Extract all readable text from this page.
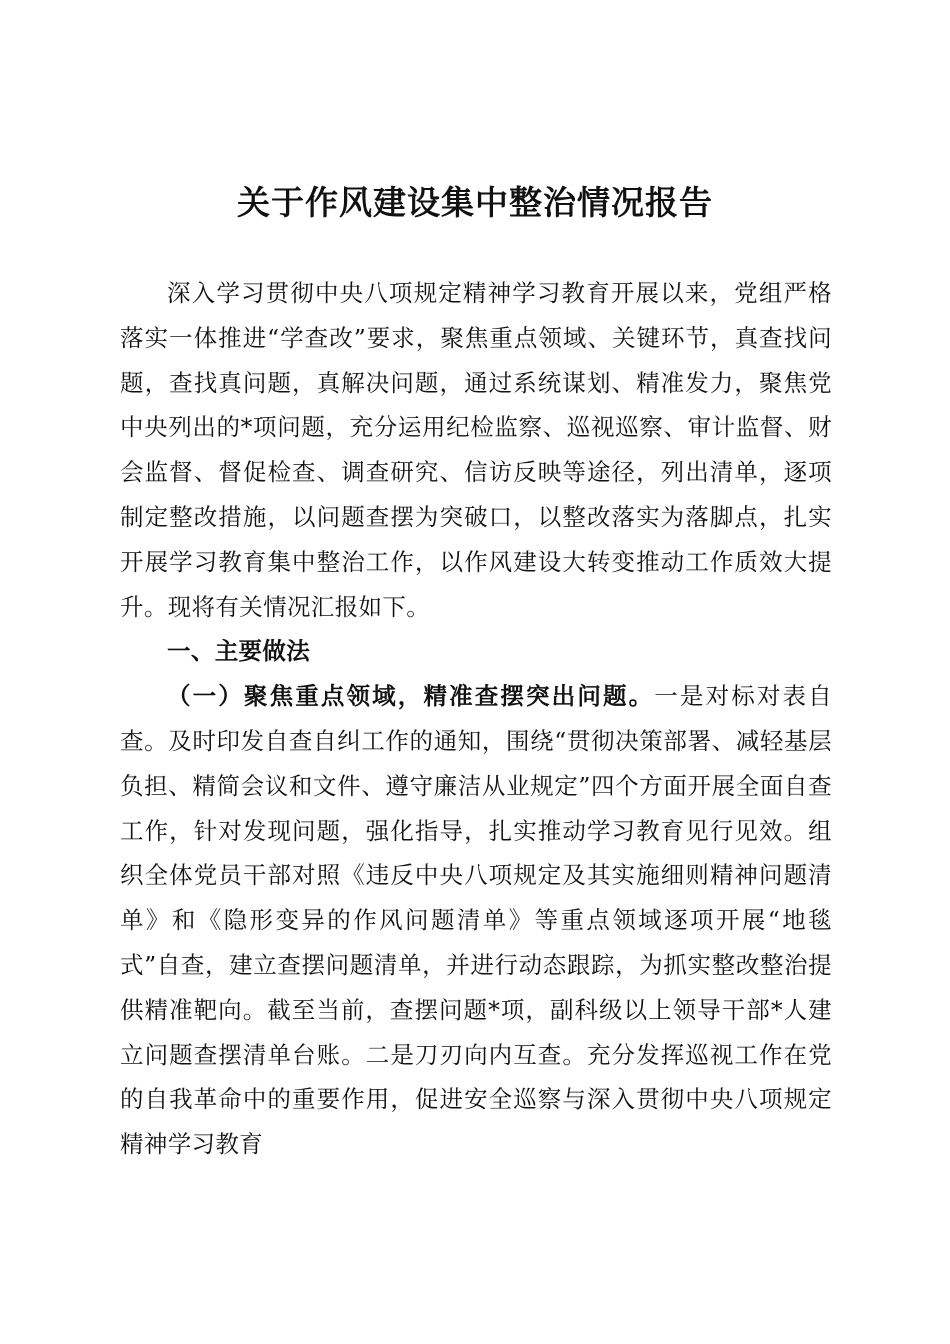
关于作风建设集中整治情况报告

深入学习贯彻中央八项规定精神学习教育开展以来，党组严格落实一体推进“学查改”要求，聚焦重点领域、关键环节，真查找问题，查找真问题，真解决问题，通过系统谋划、精准发力，聚焦党中央列出的*项问题，充分运用纪检监察、巡视巡察、审计监督、财会监督、督促检查、调查研究、信访反映等途径，列出清单，逐项制定整改措施，以问题查摆为突破口，以整改落实为落脚点，扎实开展学习教育集中整治工作，以作风建设大转变推动工作质效大提升。现将有关情况汇报如下。

一、主要做法

（一）聚焦重点领域，精准查摆突出问题。一是对标对表自查。及时印发自查自纠工作的通知，围绕“贯彻决策部署、减轻基层负担、精简会议和文件、遵守廉洁从业规定”四个方面开展全面自查工作，针对发现问题，强化指导，扎实推动学习教育见行见效。组织全体党员干部对照《违反中央八项规定及其实施细则精神问题清单》和《隐形变异的作风问题清单》等重点领域逐项开展“地毯式”自查，建立查摆问题清单，并进行动态跟踪，为抓实整改整治提供精准靶向。截至当前，查摆问题*项，副科级以上领导干部*人建立问题查摆清单台账。二是刀刃向内互查。充分发挥巡视工作在党的自我革命中的重要作用，促进安全巡察与深入贯彻中央八项规定精神学习教育
